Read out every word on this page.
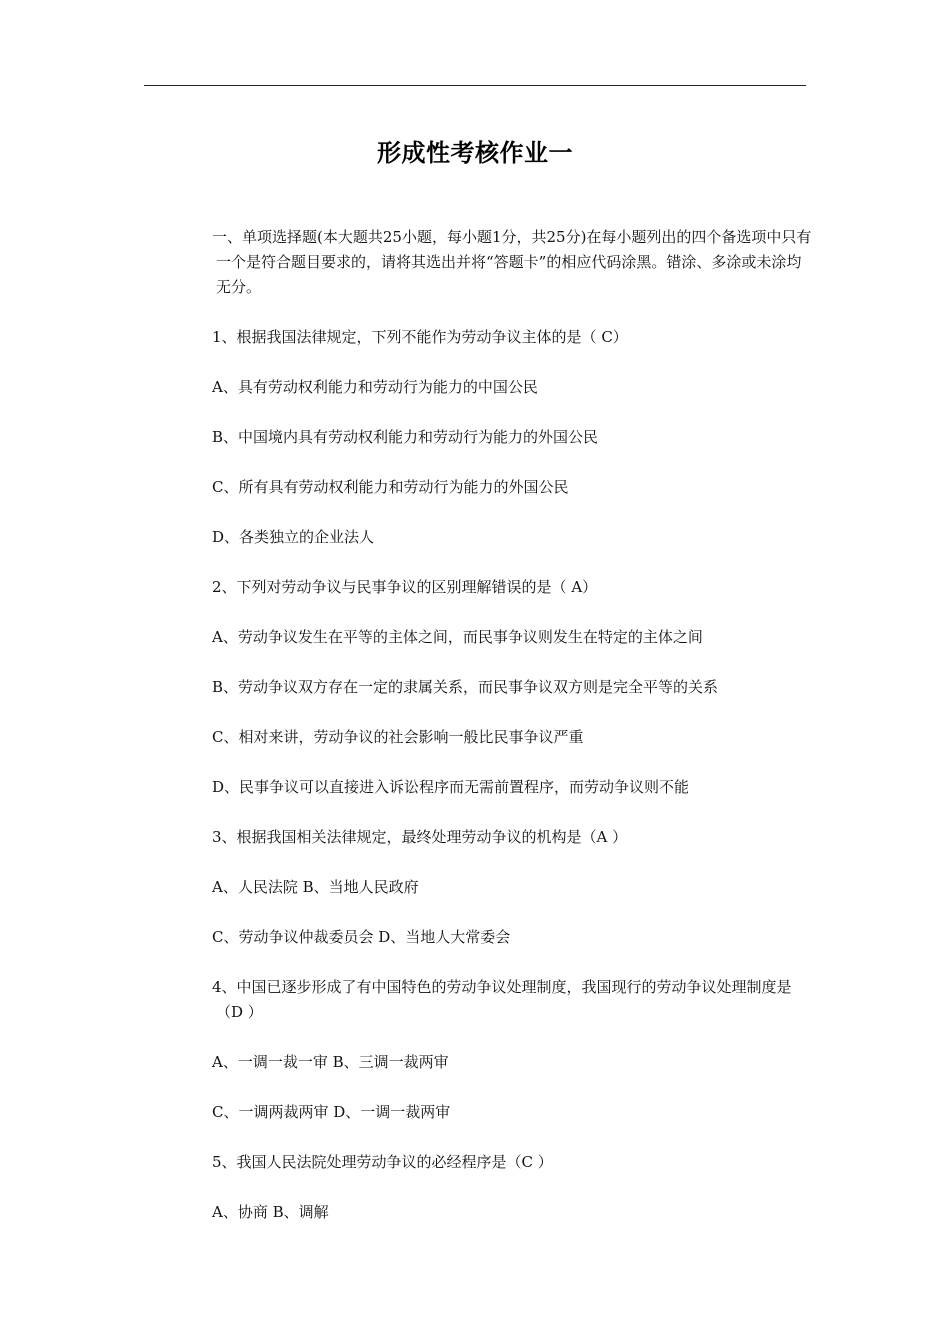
形成性考核作业一

一、单项选择题(本大题共25小题，每小题1分，共25分)在每小题列出的四个备选项中只有一个是符合题目要求的，请将其选出并将“答题卡”的相应代码涂黑。错涂、多涂或未涂均无分。

1、根据我国法律规定，下列不能作为劳动争议主体的是（ C）

A、具有劳动权利能力和劳动行为能力的中国公民

B、中国境内具有劳动权利能力和劳动行为能力的外国公民

C、所有具有劳动权利能力和劳动行为能力的外国公民

D、各类独立的企业法人

2、下列对劳动争议与民事争议的区别理解错误的是（ A）

A、劳动争议发生在平等的主体之间，而民事争议则发生在特定的主体之间

B、劳动争议双方存在一定的隶属关系，而民事争议双方则是完全平等的关系

C、相对来讲，劳动争议的社会影响一般比民事争议严重

D、民事争议可以直接进入诉讼程序而无需前置程序，而劳动争议则不能

3、根据我国相关法律规定，最终处理劳动争议的机构是（A ）

A、人民法院 B、当地人民政府

C、劳动争议仲裁委员会 D、当地人大常委会

4、中国已逐步形成了有中国特色的劳动争议处理制度，我国现行的劳动争议处理制度是（D ）

A、一调一裁一审 B、三调一裁两审

C、一调两裁两审 D、一调一裁两审

5、我国人民法院处理劳动争议的必经程序是（C ）

A、协商 B、调解
